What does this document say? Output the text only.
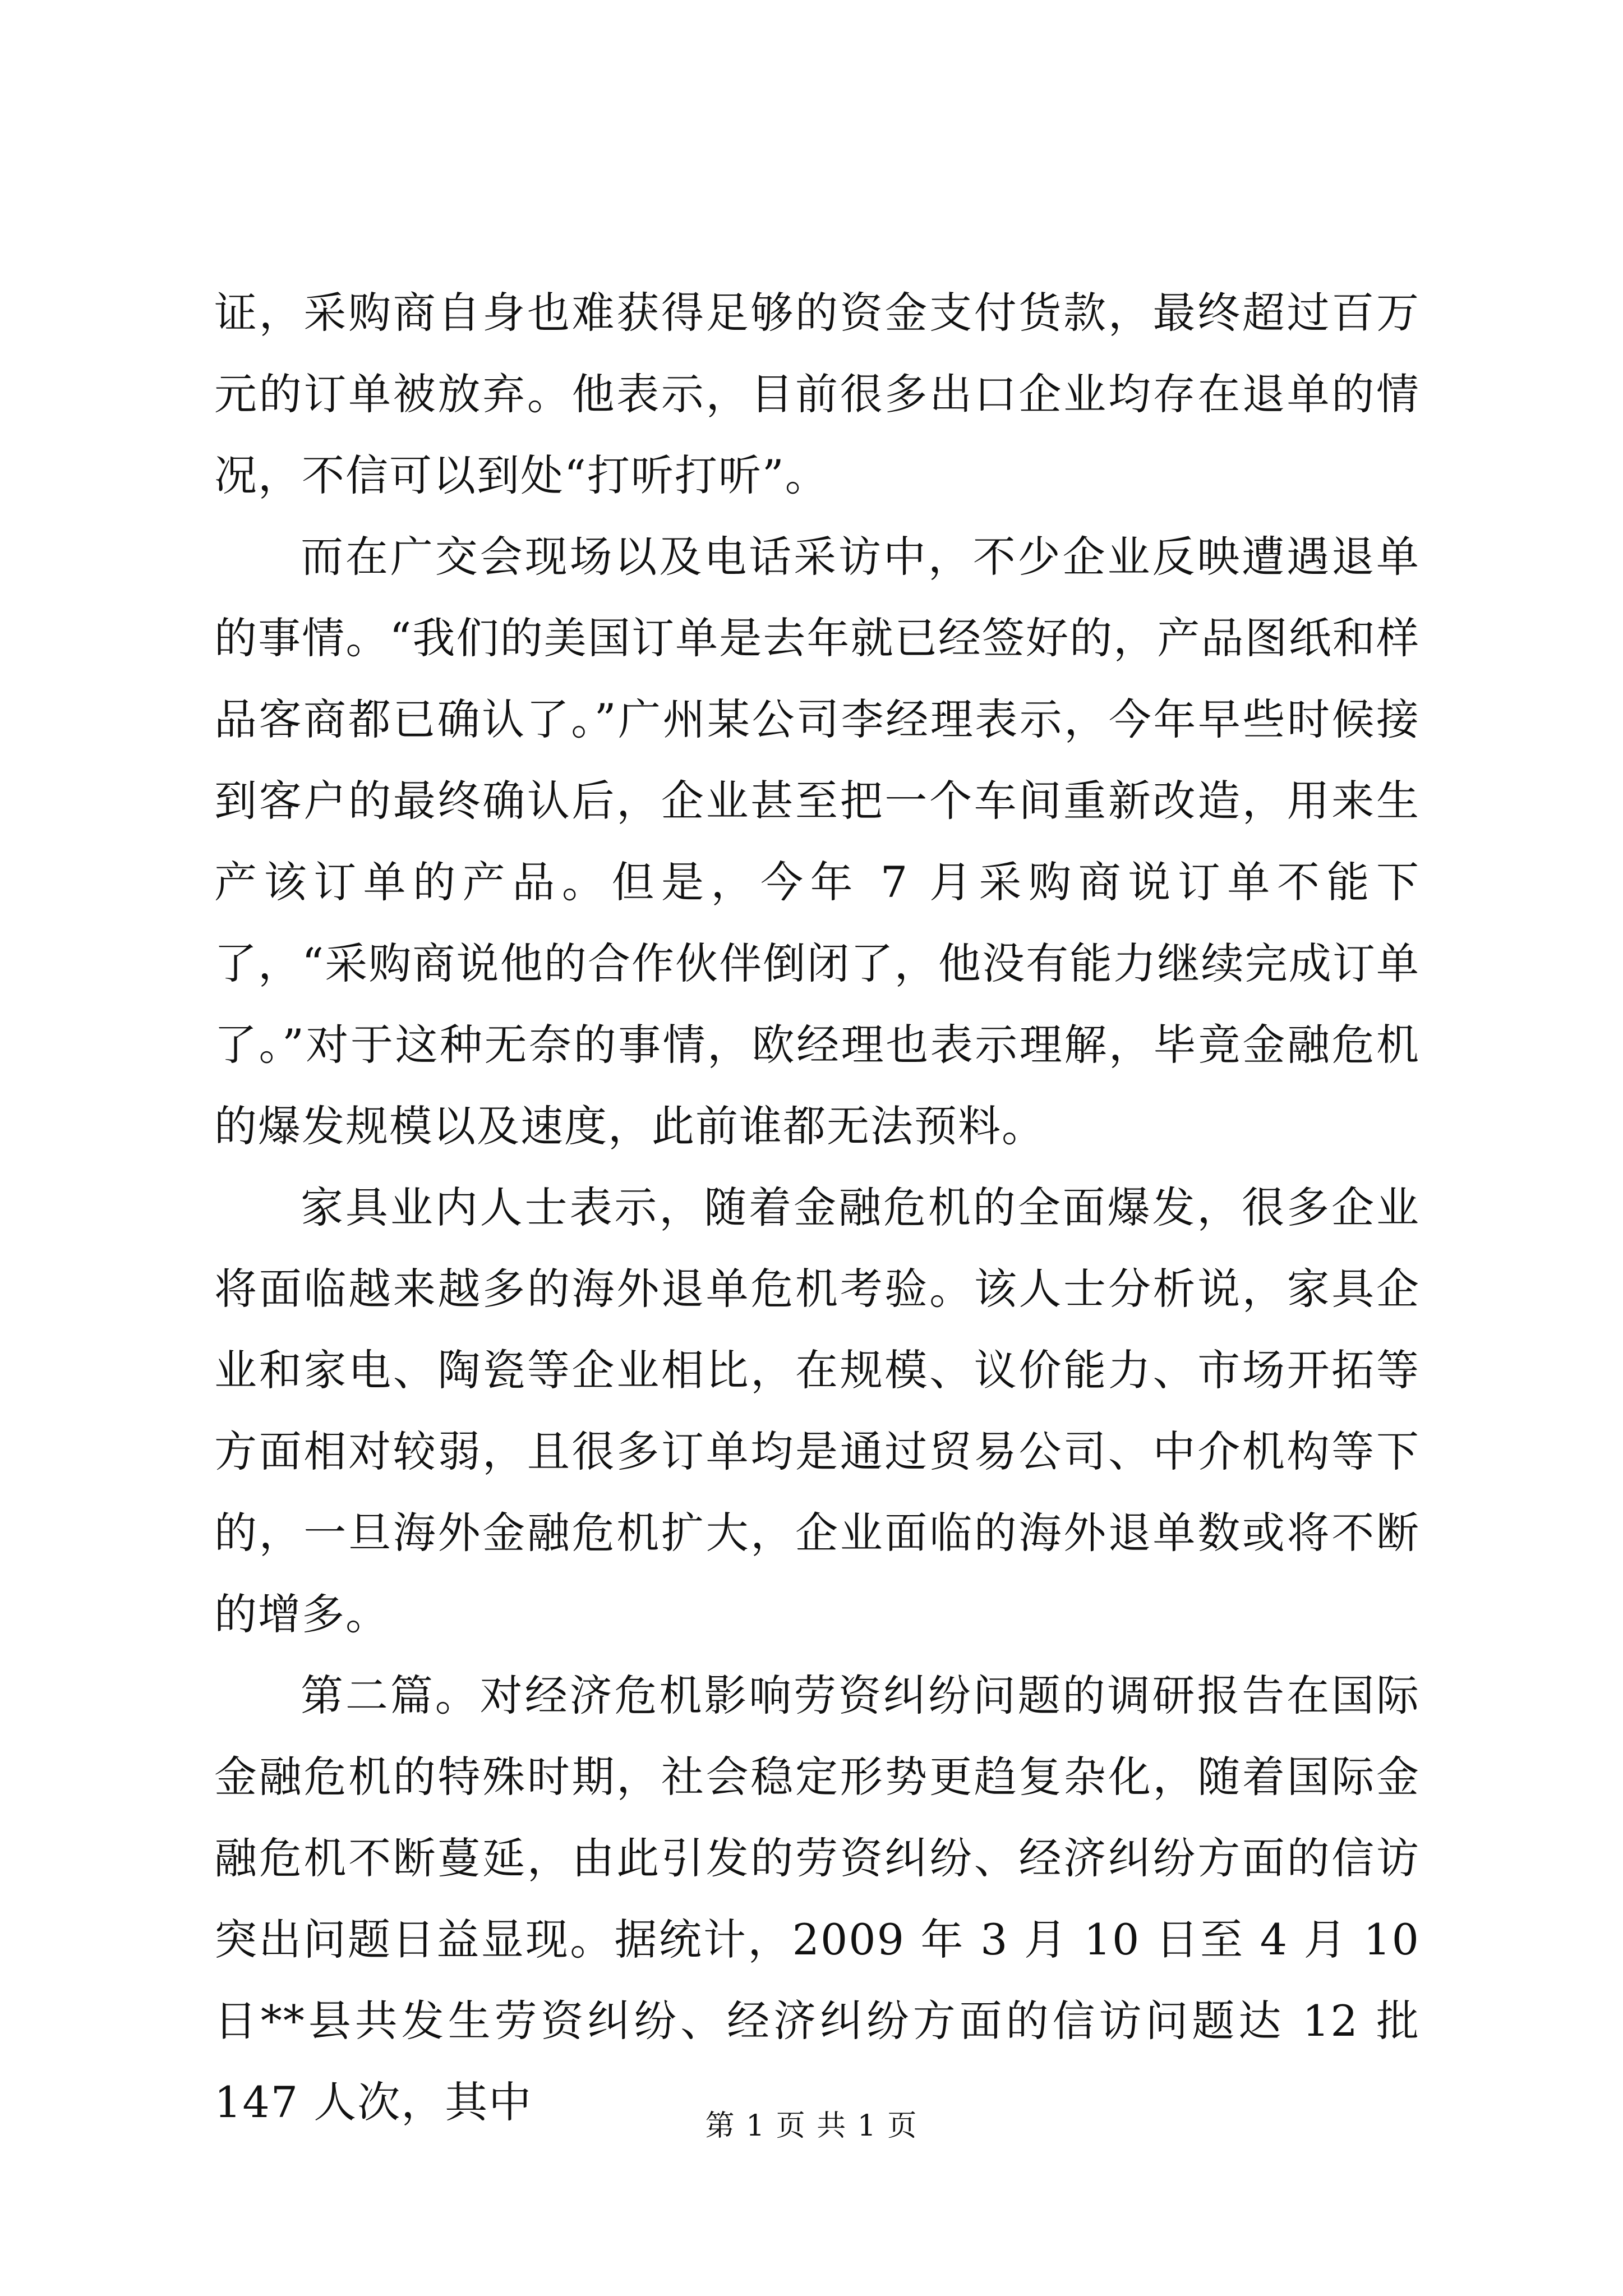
证，采购商自身也难获得足够的资金支付货款，最终超过百万元的订单被放弃。他表示，目前很多出口企业均存在退单的情况，不信可以到处“打听打听”。

而在广交会现场以及电话采访中，不少企业反映遭遇退单的事情。“我们的美国订单是去年就已经签好的，产品图纸和样品客商都已确认了。”广州某公司李经理表示，今年早些时候接到客户的最终确认后，企业甚至把一个车间重新改造，用来生产该订单的产品。但是，今年 7 月采购商说订单不能下了，“采购商说他的合作伙伴倒闭了，他没有能力继续完成订单了。”对于这种无奈的事情，欧经理也表示理解，毕竟金融危机的爆发规模以及速度，此前谁都无法预料。

家具业内人士表示，随着金融危机的全面爆发，很多企业将面临越来越多的海外退单危机考验。该人士分析说，家具企业和家电、陶瓷等企业相比，在规模、议价能力、市场开拓等方面相对较弱，且很多订单均是通过贸易公司、中介机构等下的，一旦海外金融危机扩大，企业面临的海外退单数或将不断的增多。

第二篇。对经济危机影响劳资纠纷问题的调研报告在国际金融危机的特殊时期，社会稳定形势更趋复杂化，随着国际金融危机不断蔓延，由此引发的劳资纠纷、经济纠纷方面的信访突出问题日益显现。据统计，2009 年 3 月 10 日至 4 月 10 日**县共发生劳资纠纷、经济纠纷方面的信访问题达 12 批 147 人次，其中	第 1 页 共 1 页
